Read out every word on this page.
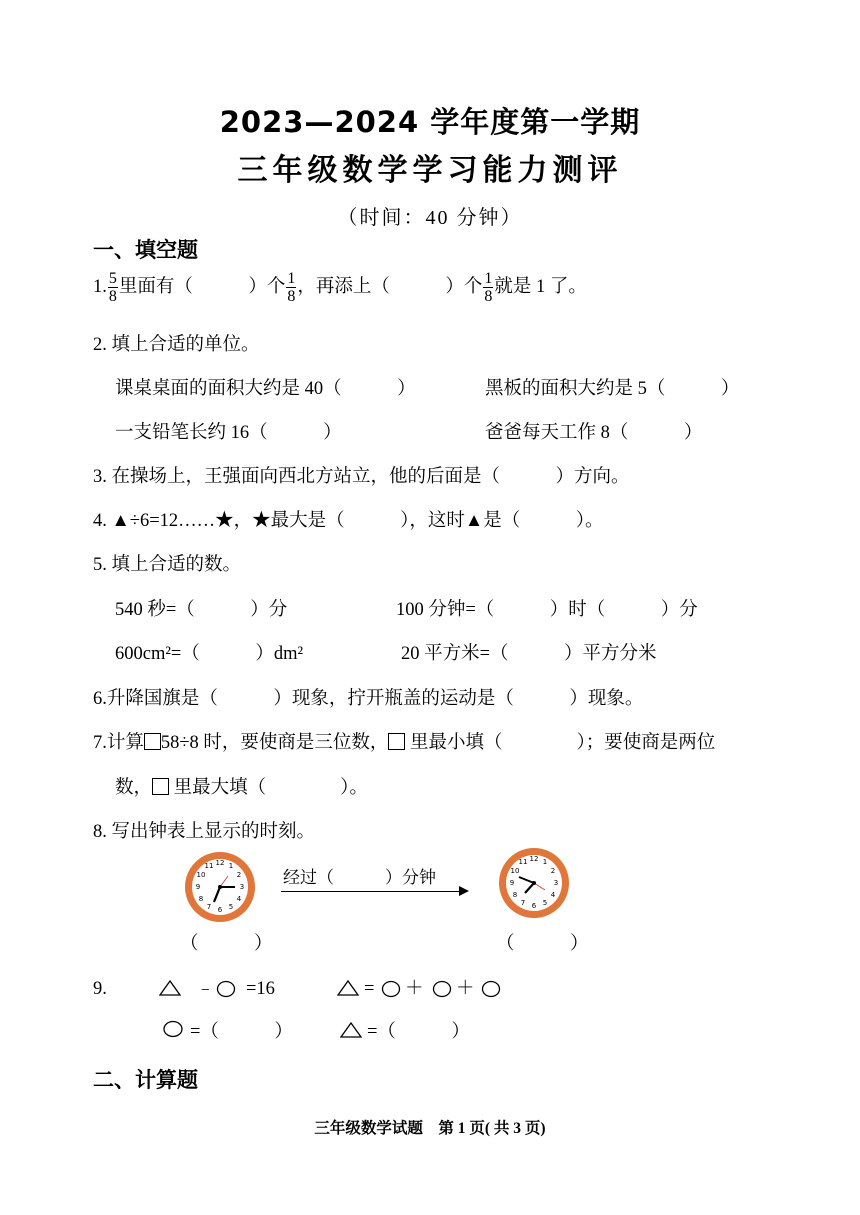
2023—2024 学年度第一学期
三年级数学学习能力测评
（时间：40 分钟）
一、填空题
1. $\frac{5}{8}$ 里面有（　　　）个 $\frac{1}{8}$ ，再添上（　　　）个 $\frac{1}{8}$ 就是 1 了。
2. 填上合适的单位。
课桌桌面的面积大约是 40（　　　）	黑板的面积大约是 5（　　　）
一支铅笔长约 16（　　　）	爸爸每天工作 8（　　　）
3. 在操场上，王强面向西北方站立，他的后面是（　　　）方向。
4. ▲÷6=12……★，★最大是（　　　），这时▲是（　　　）。
5. 填上合适的数。
540 秒=（　　　）分	100 分钟=（　　　）时（　　　）分
600cm²=（　　　）dm²	20 平方米=（　　　）平方分米
6.升降国旗是（　　　）现象，拧开瓶盖的运动是（　　　）现象。
7.计算 58÷8 时，要使商是三位数， 里最小填（　　　　）；要使商是两位
数， 里最大填（　　　　）。
8. 写出钟表上显示的时刻。
12 1
2
3
4
5
6
7
8
9
10
11
经过（　　　）分钟
12 1
2
3
4
5
6
7
8
9
10
11
（　　　）	（　　　）
9.	﹣ =16	= ＋ ＋
=（　　　）	=（　　　）
二、计算题
三年级数学试题　第 1 页( 共 3 页)
